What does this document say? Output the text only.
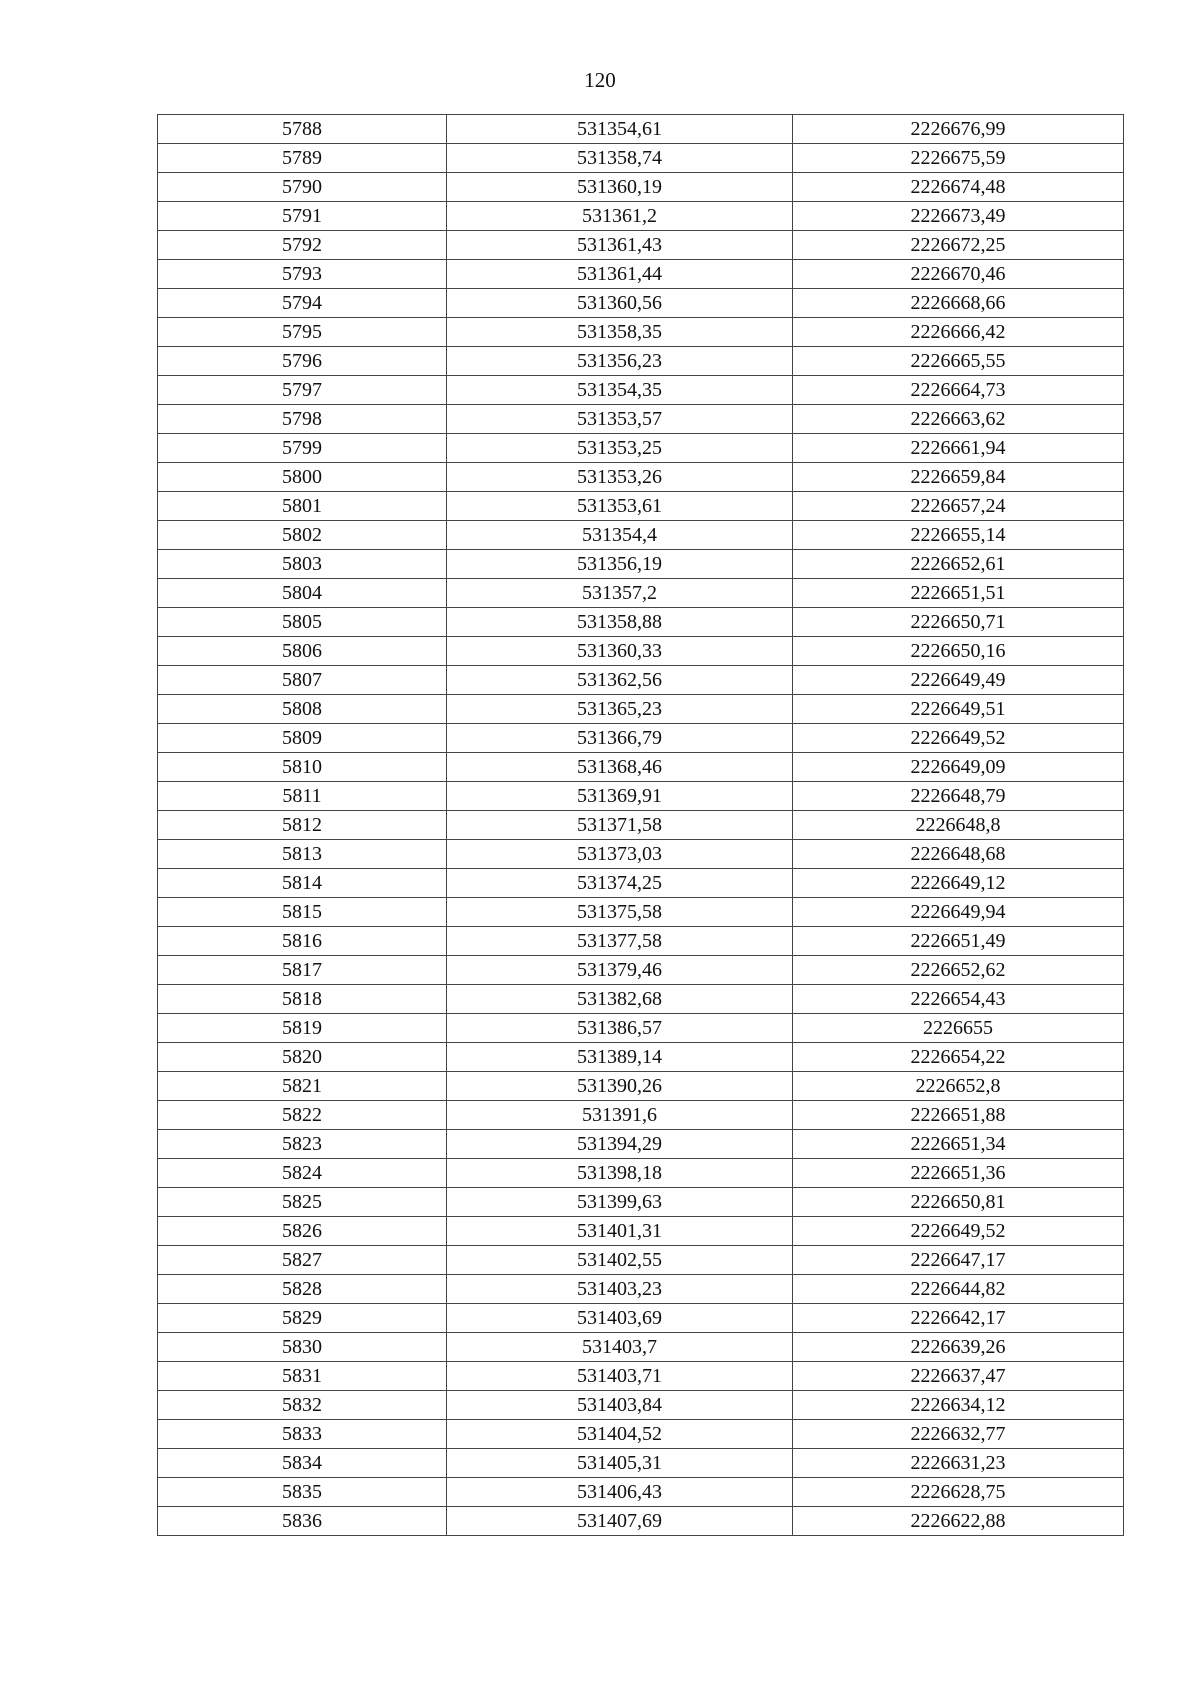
120
5788	531354,61	2226676,99
5789	531358,74	2226675,59
5790	531360,19	2226674,48
5791	531361,2	2226673,49
5792	531361,43	2226672,25
5793	531361,44	2226670,46
5794	531360,56	2226668,66
5795	531358,35	2226666,42
5796	531356,23	2226665,55
5797	531354,35	2226664,73
5798	531353,57	2226663,62
5799	531353,25	2226661,94
5800	531353,26	2226659,84
5801	531353,61	2226657,24
5802	531354,4	2226655,14
5803	531356,19	2226652,61
5804	531357,2	2226651,51
5805	531358,88	2226650,71
5806	531360,33	2226650,16
5807	531362,56	2226649,49
5808	531365,23	2226649,51
5809	531366,79	2226649,52
5810	531368,46	2226649,09
5811	531369,91	2226648,79
5812	531371,58	2226648,8
5813	531373,03	2226648,68
5814	531374,25	2226649,12
5815	531375,58	2226649,94
5816	531377,58	2226651,49
5817	531379,46	2226652,62
5818	531382,68	2226654,43
5819	531386,57	2226655
5820	531389,14	2226654,22
5821	531390,26	2226652,8
5822	531391,6	2226651,88
5823	531394,29	2226651,34
5824	531398,18	2226651,36
5825	531399,63	2226650,81
5826	531401,31	2226649,52
5827	531402,55	2226647,17
5828	531403,23	2226644,82
5829	531403,69	2226642,17
5830	531403,7	2226639,26
5831	531403,71	2226637,47
5832	531403,84	2226634,12
5833	531404,52	2226632,77
5834	531405,31	2226631,23
5835	531406,43	2226628,75
5836	531407,69	2226622,88
